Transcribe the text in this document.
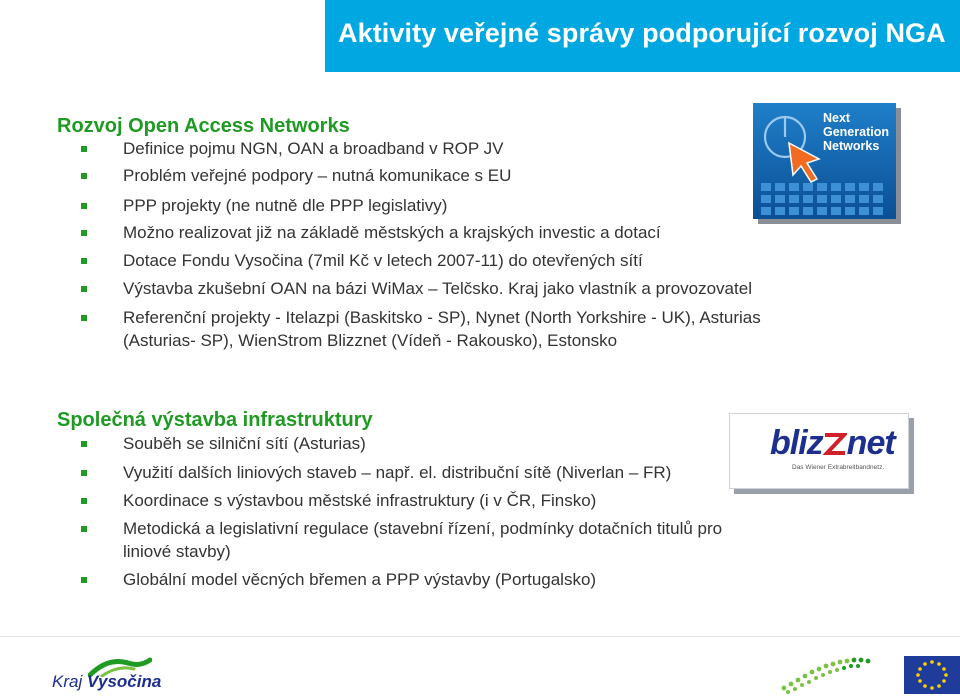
Aktivity veřejné správy podporující rozvoj NGA
Rozvoj Open Access Networks
Definice pojmu NGN, OAN a broadband v ROP JV
Problém veřejné podpory – nutná komunikace s EU
PPP projekty (ne nutně dle PPP legislativy)
Možno realizovat již na základě městských a krajských investic a dotací
Dotace Fondu Vysočina (7mil Kč v letech 2007-11) do otevřených sítí
Výstavba zkušební OAN na bázi WiMax – Telčsko. Kraj jako vlastník a provozovatel
Referenční projekty - Itelazpi (Baskitsko - SP), Nynet (North Yorkshire - UK), Asturias
(Asturias- SP), WienStrom Blizznet (Vídeň - Rakousko), Estonsko
Next
Generation
Networks
Společná výstavba infrastruktury
Souběh se silniční sítí (Asturias)
Využití dalších liniových staveb – např. el. distribuční sítě (Niverlan – FR)
Koordinace s výstavbou městské infrastruktury (i v ČR, Finsko)
Metodická a legislativní regulace (stavební řízení, podmínky dotačních titulů pro
liniové stavby)
Globální model věcných břemen a PPP výstavby (Portugalsko)
bliz net
Das Wiener Extrabreitbandnetz.
Kraj Vysočina
